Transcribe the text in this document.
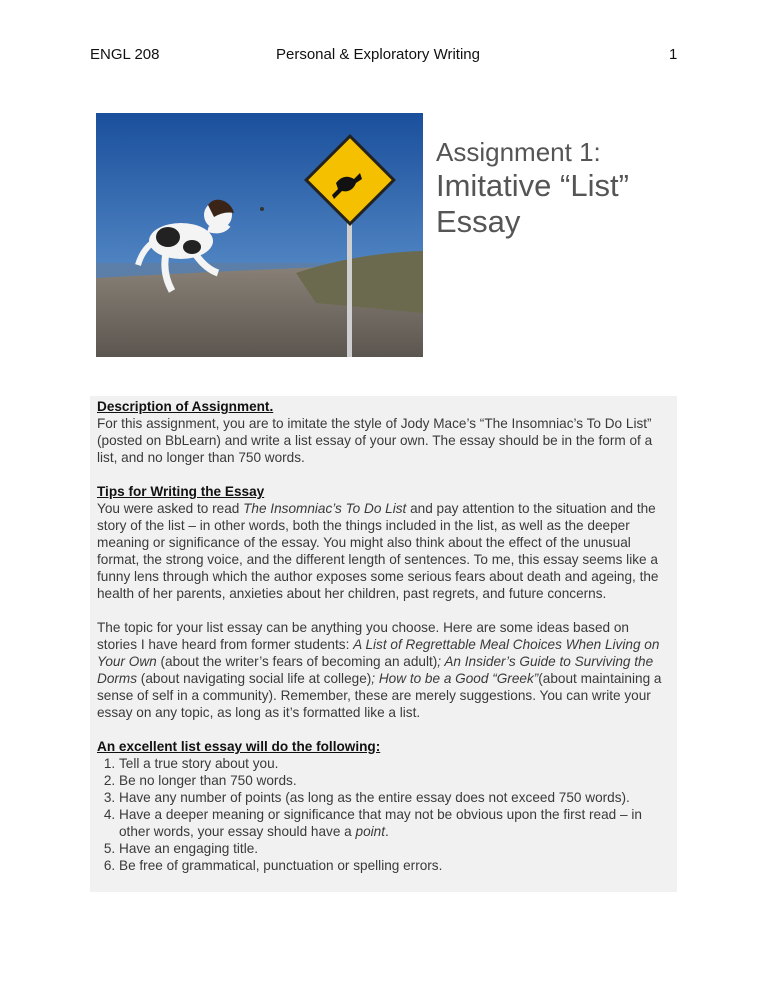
ENGL 208	Personal & Exploratory Writing	1
Assignment 1:
Imitative “List”
Essay

Description of Assignment.

For this assignment, you are to imitate the style of Jody Mace’s “The Insomniac’s To Do List” (posted on BbLearn) and write a list essay of your own. The essay should be in the form of a list, and no longer than 750 words.

Tips for Writing the Essay

You were asked to read The Insomniac’s To Do List and pay attention to the situation and the story of the list – in other words, both the things included in the list, as well as the deeper meaning or significance of the essay. You might also think about the effect of the unusual format, the strong voice, and the different length of sentences. To me, this essay seems like a funny lens through which the author exposes some serious fears about death and ageing, the health of her parents, anxieties about her children, past regrets, and future concerns.

The topic for your list essay can be anything you choose. Here are some ideas based on stories I have heard from former students: A List of Regrettable Meal Choices When Living on Your Own (about the writer’s fears of becoming an adult); An Insider’s Guide to Surviving the Dorms (about navigating social life at college); How to be a Good “Greek”(about maintaining a sense of self in a community). Remember, these are merely suggestions. You can write your essay on any topic, as long as it’s formatted like a list.

An excellent list essay will do the following:

1. Tell a true story about you.
2. Be no longer than 750 words.
3. Have any number of points (as long as the entire essay does not exceed 750 words).
4. Have a deeper meaning or significance that may not be obvious upon the first read – in other words, your essay should have a point.
5. Have an engaging title.
6. Be free of grammatical, punctuation or spelling errors.
